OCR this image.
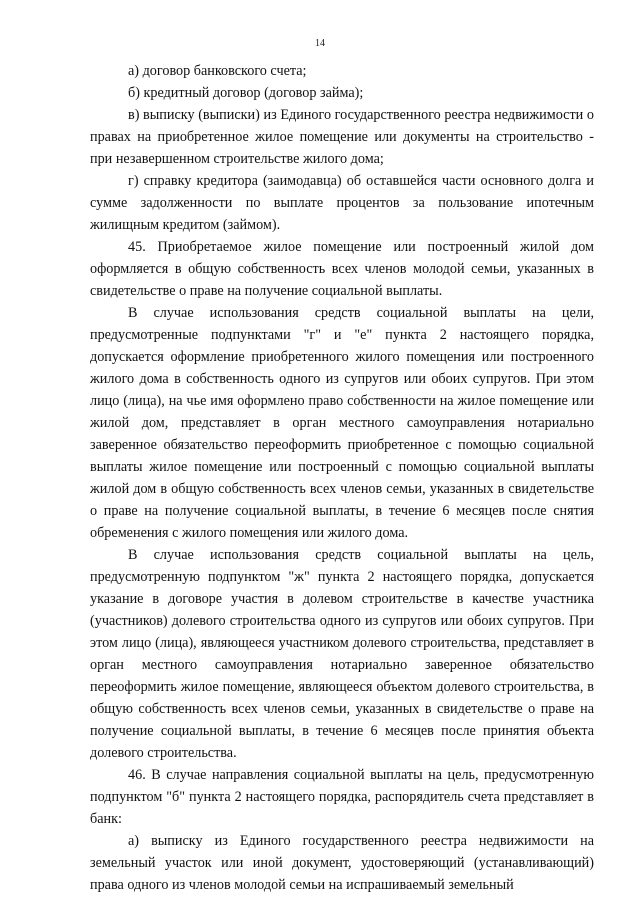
14

а) договор банковского счета;

б) кредитный договор (договор займа);

в) выписку (выписки) из Единого государственного реестра недвижимости о правах на приобретенное жилое помещение или документы на строительство - при незавершенном строительстве жилого дома;

г) справку кредитора (заимодавца) об оставшейся части основного долга и сумме задолженности по выплате процентов за пользование ипотечным жилищным кредитом (займом).

45. Приобретаемое жилое помещение или построенный жилой дом оформляется в общую собственность всех членов молодой семьи, указанных в свидетельстве о праве на получение социальной выплаты.

В случае использования средств социальной выплаты на цели, предусмотренные подпунктами "г" и "е" пункта 2 настоящего порядка, допускается оформление приобретенного жилого помещения или построенного жилого дома в собственность одного из супругов или обоих супругов. При этом лицо (лица), на чье имя оформлено право собственности на жилое помещение или жилой дом, представляет в орган местного самоуправления нотариально заверенное обязательство переоформить приобретенное с помощью социальной выплаты жилое помещение или построенный с помощью социальной выплаты жилой дом в общую собственность всех членов семьи, указанных в свидетельстве о праве на получение социальной выплаты, в течение 6 месяцев после снятия обременения с жилого помещения или жилого дома.

В случае использования средств социальной выплаты на цель, предусмотренную подпунктом "ж" пункта 2 настоящего порядка, допускается указание в договоре участия в долевом строительстве в качестве участника (участников) долевого строительства одного из супругов или обоих супругов. При этом лицо (лица), являющееся участником долевого строительства, представляет в орган местного самоуправления нотариально заверенное обязательство переоформить жилое помещение, являющееся объектом долевого строительства, в общую собственность всех членов семьи, указанных в свидетельстве о праве на получение социальной выплаты, в течение 6 месяцев после принятия объекта долевого строительства.

46. В случае направления социальной выплаты на цель, предусмотренную подпунктом "б" пункта 2 настоящего порядка, распорядитель счета представляет в банк:

а) выписку из Единого государственного реестра недвижимости на земельный участок или иной документ, удостоверяющий (устанавливающий) права одного из членов молодой семьи на испрашиваемый земельный
